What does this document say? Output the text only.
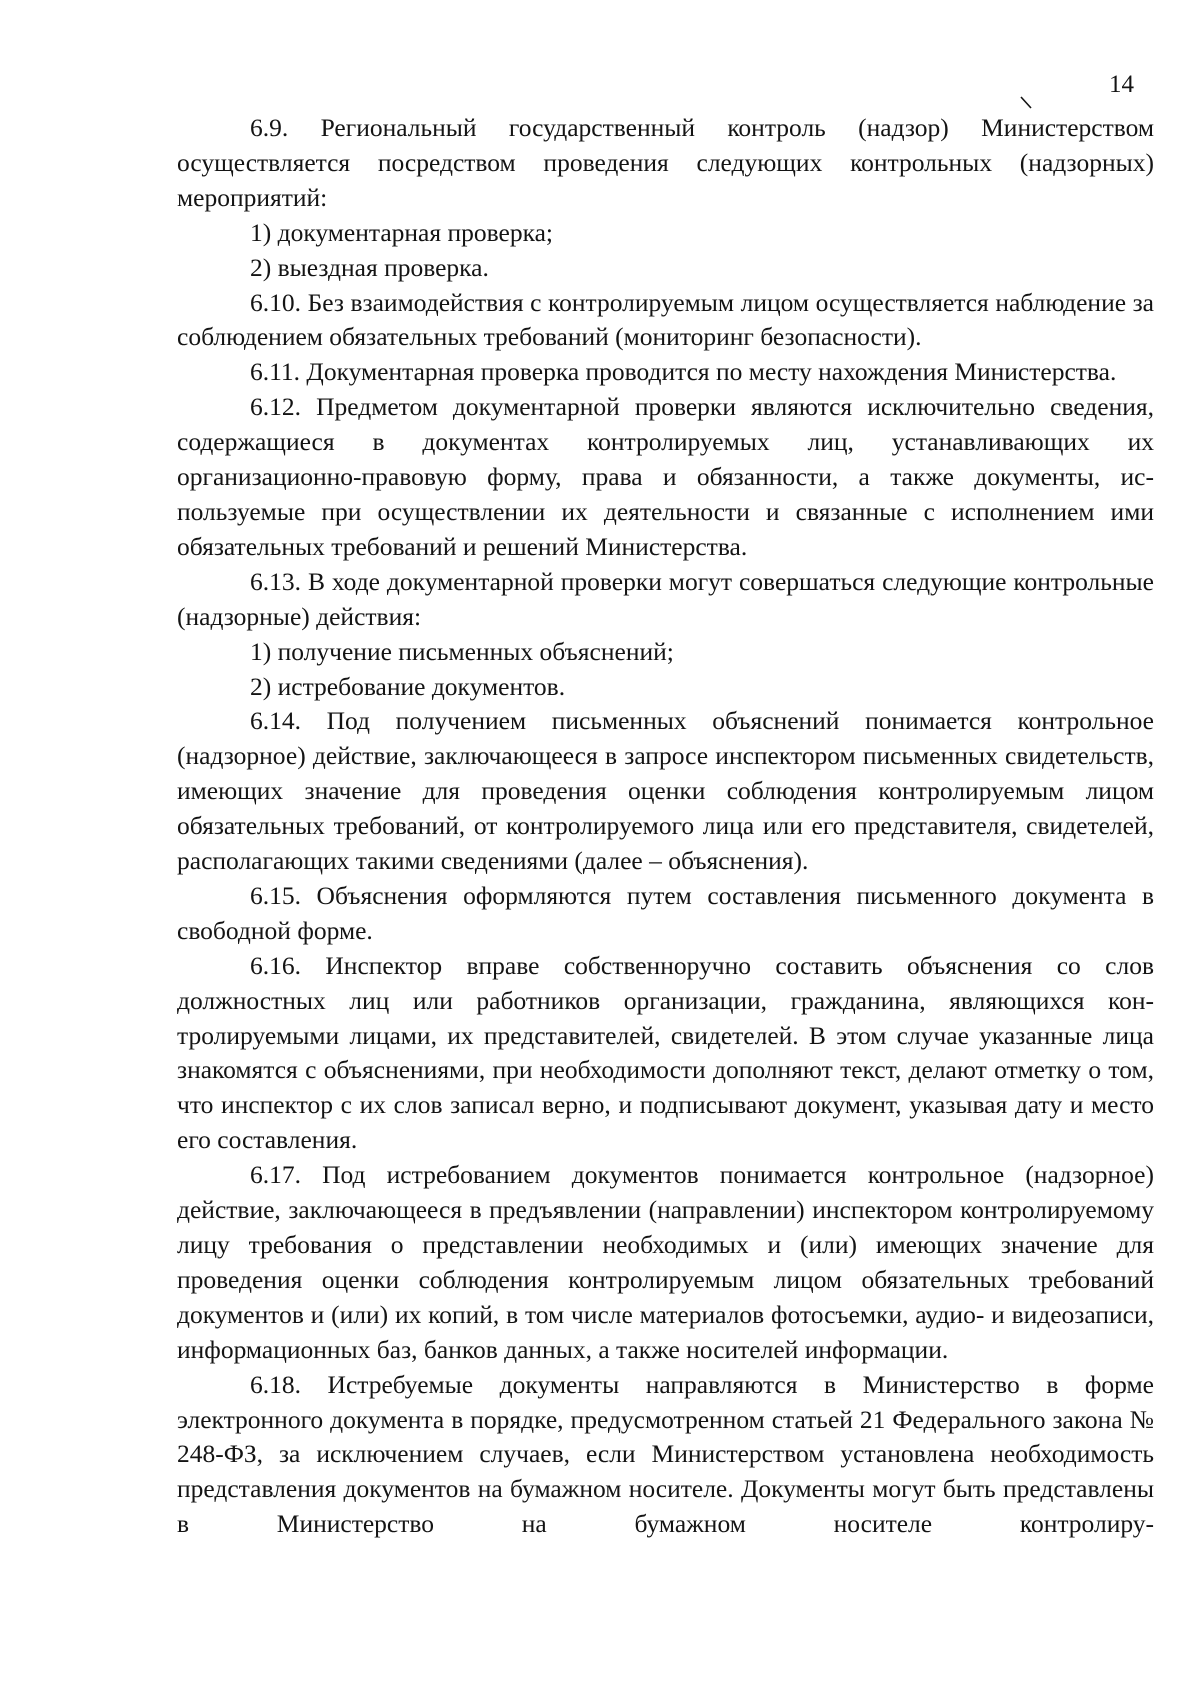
14

6.9. Региональный государственный контроль (надзор) Министерством осуществляется посредством проведения следующих контрольных (надзорных) мероприятий:

1) документарная проверка;

2) выездная проверка.

6.10. Без взаимодействия с контролируемым лицом осуществляется наблюдение за соблюдением обязательных требований (мониторинг безопасности).

6.11. Документарная проверка проводится по месту нахождения Министерства.

6.12. Предметом документарной проверки являются исключительно сведения, содержащиеся в документах контролируемых лиц, устанавливающих их организационно-правовую форму, права и обязанности, а также документы, используемые при осуществлении их деятельности и связанные с исполнением ими обязательных требований и решений Министерства.

6.13. В ходе документарной проверки могут совершаться следующие контрольные (надзорные) действия:

1) получение письменных объяснений;

2) истребование документов.

6.14. Под получением письменных объяснений понимается контрольное (надзорное) действие, заключающееся в запросе инспектором письменных свидетельств, имеющих значение для проведения оценки соблюдения контролируемым лицом обязательных требований, от контролируемого лица или его представителя, свидетелей, располагающих такими сведениями (далее – объяснения).

6.15. Объяснения оформляются путем составления письменного документа в свободной форме.

6.16. Инспектор вправе собственноручно составить объяснения со слов должностных лиц или работников организации, гражданина, являющихся контролируемыми лицами, их представителей, свидетелей. В этом случае указанные лица знакомятся с объяснениями, при необходимости дополняют текст, делают отметку о том, что инспектор с их слов записал верно, и подписывают документ, указывая дату и место его составления.

6.17. Под истребованием документов понимается контрольное (надзорное) действие, заключающееся в предъявлении (направлении) инспектором контролируемому лицу требования о представлении необходимых и (или) имеющих значение для проведения оценки соблюдения контролируемым лицом обязательных требований документов и (или) их копий, в том числе материалов фотосъемки, аудио- и видеозаписи, информационных баз, банков данных, а также носителей информации.

6.18. Истребуемые документы направляются в Министерство в форме электронного документа в порядке, предусмотренном статьей 21 Федерального закона № 248-ФЗ, за исключением случаев, если Министерством установлена необходимость представления документов на бумажном носителе. Документы могут быть представлены в Министерство на бумажном носителе контролиру-
